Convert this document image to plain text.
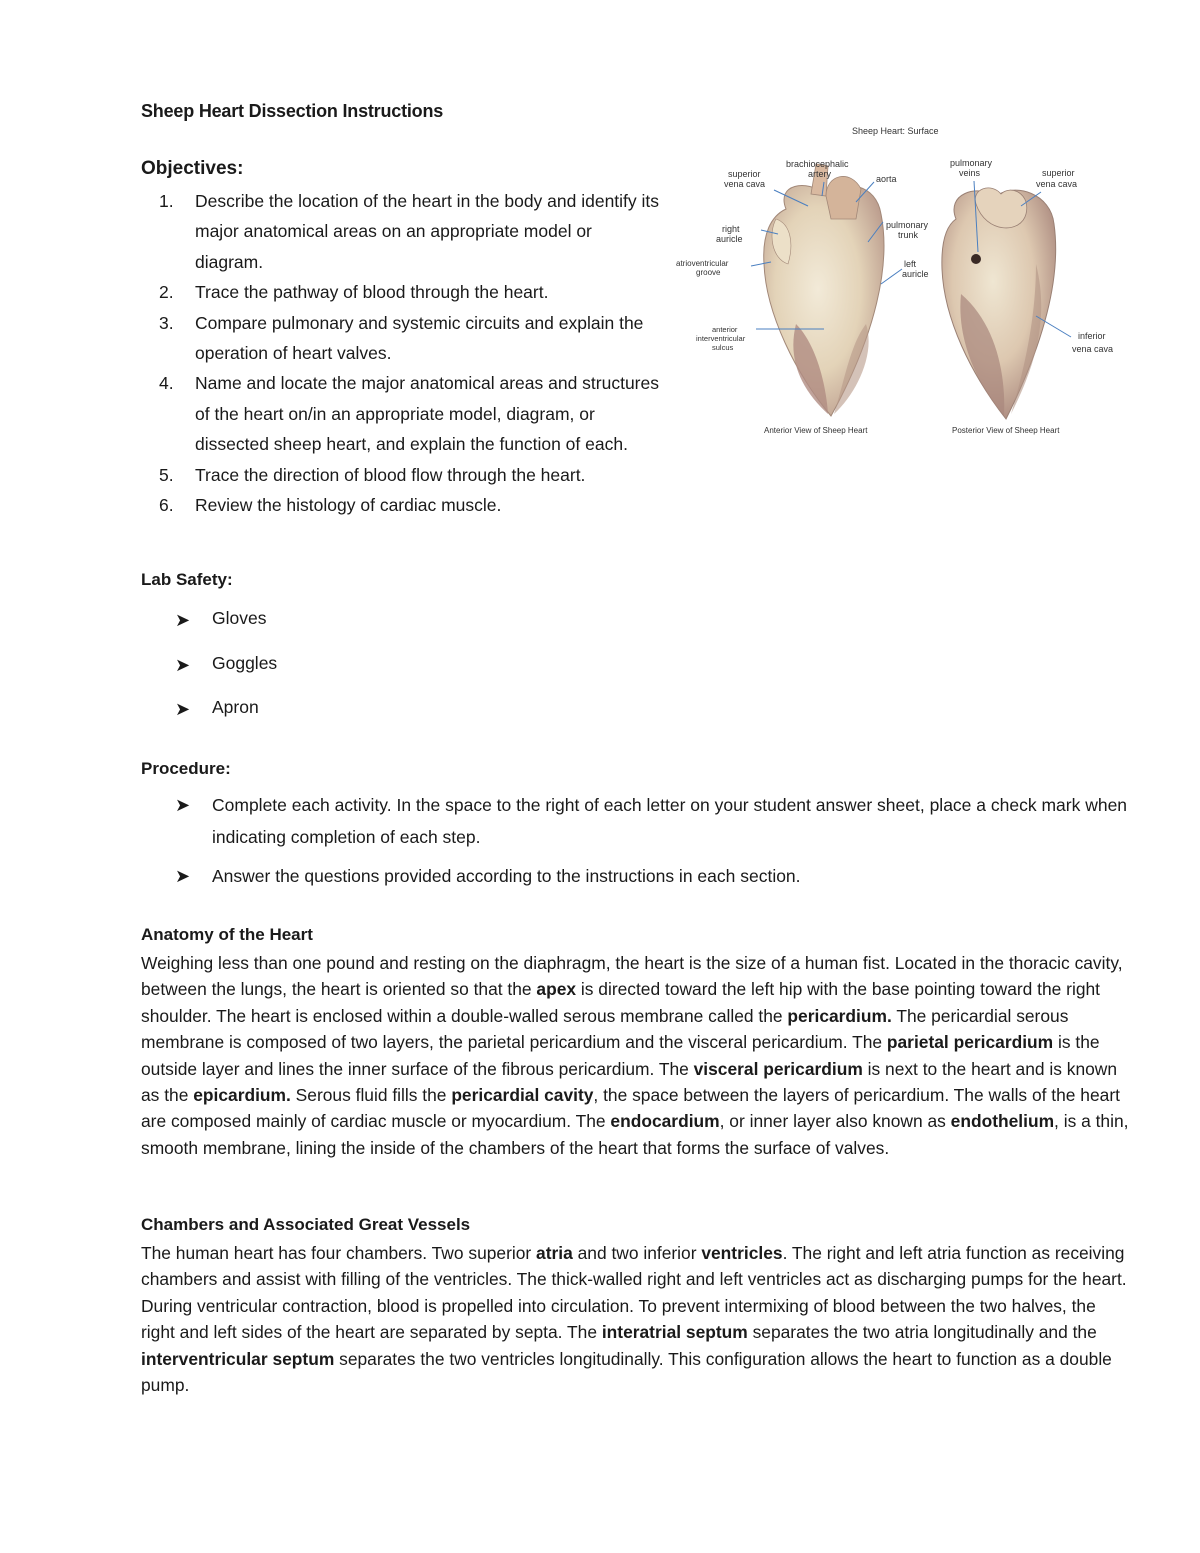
Sheep Heart Dissection Instructions
Objectives:
1. Describe the location of the heart in the body and identify its major anatomical areas on an appropriate model or diagram.
2. Trace the pathway of blood through the heart.
3. Compare pulmonary and systemic circuits and explain the operation of heart valves.
4. Name and locate the major anatomical areas and structures of the heart on/in an appropriate model, diagram, or dissected sheep heart, and explain the function of each.
5. Trace the direction of blood flow through the heart.
6. Review the histology of cardiac muscle.
Lab Safety:
➤ Gloves
➤ Goggles
➤ Apron
Procedure:
➤ Complete each activity. In the space to the right of each letter on your student answer sheet, place a check mark when indicating completion of each step.
➤ Answer the questions provided according to the instructions in each section.
Anatomy of the Heart

Weighing less than one pound and resting on the diaphragm, the heart is the size of a human fist. Located in the thoracic cavity, between the lungs, the heart is oriented so that the apex is directed toward the left hip with the base pointing toward the right shoulder. The heart is enclosed within a double-walled serous membrane called the pericardium. The pericardial serous membrane is composed of two layers, the parietal pericardium and the visceral pericardium. The parietal pericardium is the outside layer and lines the inner surface of the fibrous pericardium. The visceral pericardium is next to the heart and is known as the epicardium. Serous fluid fills the pericardial cavity, the space between the layers of pericardium. The walls of the heart are composed mainly of cardiac muscle or myocardium. The endocardium, or inner layer also known as endothelium, is a thin, smooth membrane, lining the inside of the chambers of the heart that forms the surface of valves.

Chambers and Associated Great Vessels

The human heart has four chambers. Two superior atria and two inferior ventricles. The right and left atria function as receiving chambers and assist with filling of the ventricles. The thick-walled right and left ventricles act as discharging pumps for the heart. During ventricular contraction, blood is propelled into circulation. To prevent intermixing of blood between the two halves, the right and left sides of the heart are separated by septa. The interatrial septum separates the two atria longitudinally and the interventricular septum separates the two ventricles longitudinally. This configuration allows the heart to function as a double pump.

Sheep Heart: Surface
superior
vena cava
brachiocephalic
artery	aorta
right
auricle
atrioventricular
groove
pulmonary
trunk
left
auricle
anterior
interventricular
sulcus
pulmonary
veins	superior
vena cava
inferior
vena cava
Anterior View of Sheep Heart	Posterior View of Sheep Heart
